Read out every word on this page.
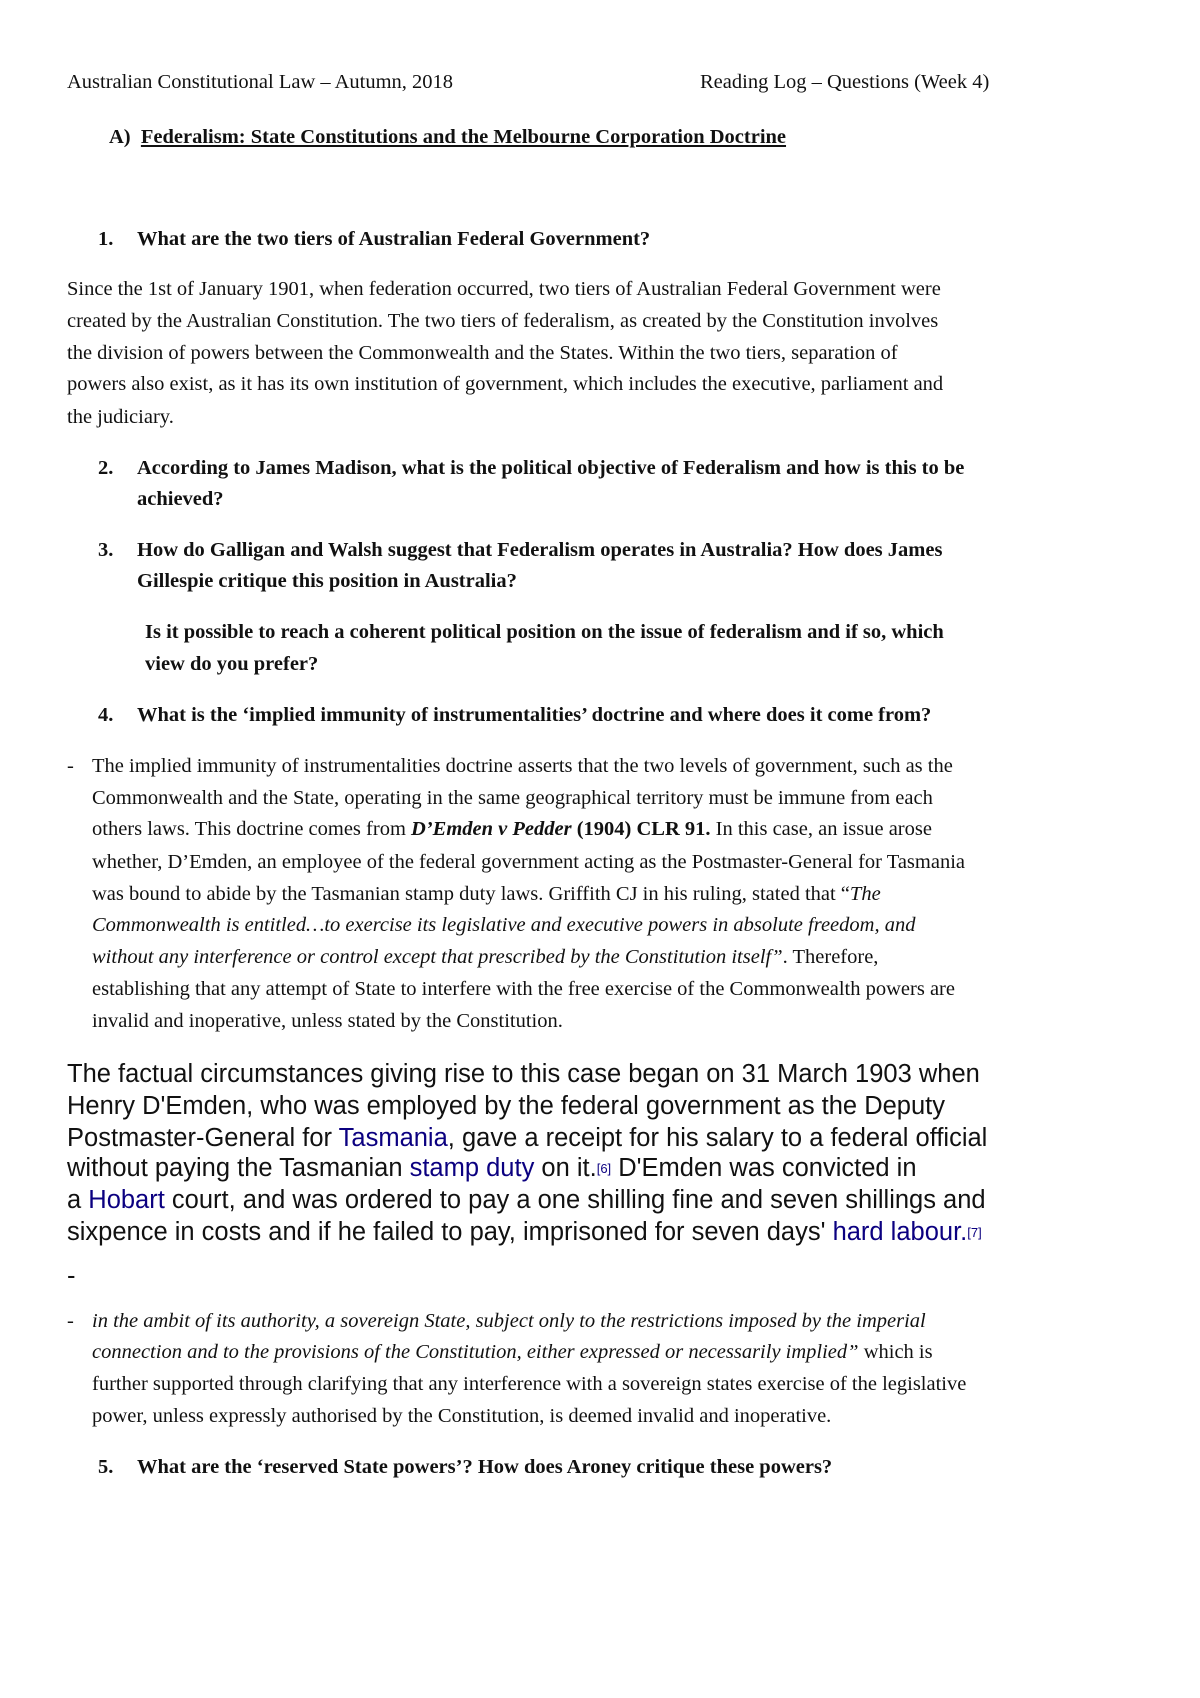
Australian Constitutional Law – Autumn, 2018	Reading Log – Questions (Week 4)
A) Federalism: State Constitutions and the Melbourne Corporation Doctrine
1. What are the two tiers of Australian Federal Government?
Since the 1st of January 1901, when federation occurred, two tiers of Australian Federal Government were
created by the Australian Constitution. The two tiers of federalism, as created by the Constitution involves
the division of powers between the Commonwealth and the States. Within the two tiers, separation of
powers also exist, as it has its own institution of government, which includes the executive, parliament and
the judiciary.
2. According to James Madison, what is the political objective of Federalism and how is this to be
achieved?
3. How do Galligan and Walsh suggest that Federalism operates in Australia? How does James
Gillespie critique this position in Australia?
Is it possible to reach a coherent political position on the issue of federalism and if so, which
view do you prefer?
4. What is the ‘implied immunity of instrumentalities’ doctrine and where does it come from?
- The implied immunity of instrumentalities doctrine asserts that the two levels of government, such as the
Commonwealth and the State, operating in the same geographical territory must be immune from each
others laws. This doctrine comes from D’Emden v Pedder (1904) CLR 91. In this case, an issue arose
whether, D’Emden, an employee of the federal government acting as the Postmaster-General for Tasmania
was bound to abide by the Tasmanian stamp duty laws. Griffith CJ in his ruling, stated that “The
Commonwealth is entitled…to exercise its legislative and executive powers in absolute freedom, and
without any interference or control except that prescribed by the Constitution itself”. Therefore,
establishing that any attempt of State to interfere with the free exercise of the Commonwealth powers are
invalid and inoperative, unless stated by the Constitution.
The factual circumstances giving rise to this case began on 31 March 1903 when
Henry D'Emden, who was employed by the federal government as the Deputy
Postmaster-General for Tasmania, gave a receipt for his salary to a federal official
without paying the Tasmanian stamp duty on it.[6] D'Emden was convicted in
a Hobart court, and was ordered to pay a one shilling fine and seven shillings and
sixpence in costs and if he failed to pay, imprisoned for seven days' hard labour.[7]
-
- in the ambit of its authority, a sovereign State, subject only to the restrictions imposed by the imperial
connection and to the provisions of the Constitution, either expressed or necessarily implied” which is
further supported through clarifying that any interference with a sovereign states exercise of the legislative
power, unless expressly authorised by the Constitution, is deemed invalid and inoperative.
5. What are the ‘reserved State powers’? How does Aroney critique these powers?
